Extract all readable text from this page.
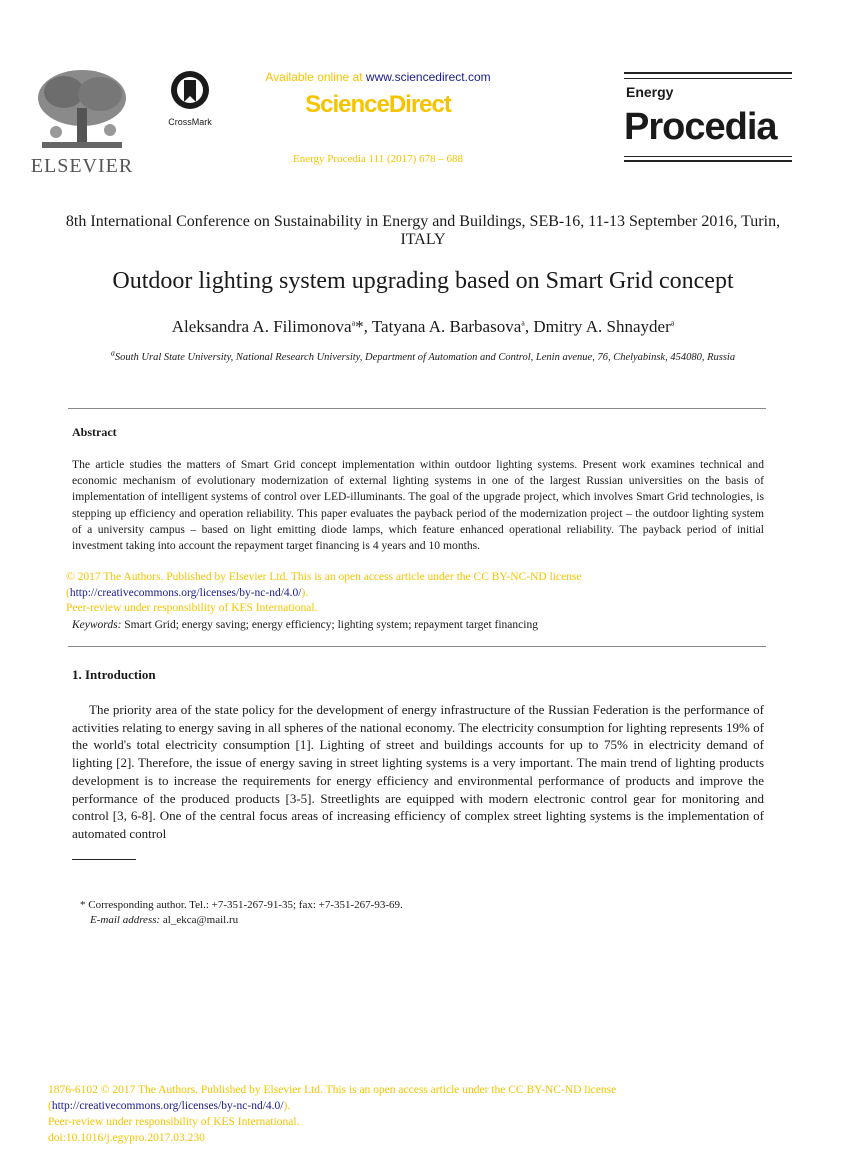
ELSEVIER
CrossMark
Available online at www.sciencedirect.com
ScienceDirect
Energy Procedia 111 (2017) 678 – 688
Energy
Procedia
8th International Conference on Sustainability in Energy and Buildings, SEB-16, 11-13 September 2016, Turin, ITALY
Outdoor lighting system upgrading based on Smart Grid concept
Aleksandra A. Filimonova$^a$*, Tatyana A. Barbasova$^a$, Dmitry A. Shnayder$^a$
$^a$South Ural State University, National Research University, Department of Automation and Control, Lenin avenue, 76, Chelyabinsk, 454080, Russia
Abstract
The article studies the matters of Smart Grid concept implementation within outdoor lighting systems. Present work examines technical and economic mechanism of evolutionary modernization of external lighting systems in one of the largest Russian universities on the basis of implementation of intelligent systems of control over LED-illuminants. The goal of the upgrade project, which involves Smart Grid technologies, is stepping up efficiency and operation reliability. This paper evaluates the payback period of the modernization project – the outdoor lighting system of a university campus – based on light emitting diode lamps, which feature enhanced operational reliability. The payback period of initial investment taking into account the repayment target financing is 4 years and 10 months.
© 2017 The Authors. Published by Elsevier Ltd. This is an open access article under the CC BY-NC-ND license
(http://creativecommons.org/licenses/by-nc-nd/4.0/).
Peer-review under responsibility of KES International.
Keywords: Smart Grid; energy saving; energy efficiency; lighting system; repayment target financing
1. Introduction
The priority area of the state policy for the development of energy infrastructure of the Russian Federation is the performance of activities relating to energy saving in all spheres of the national economy. The electricity consumption for lighting represents 19% of the world's total electricity consumption [1]. Lighting of street and buildings accounts for up to 75% in electricity demand of lighting [2]. Therefore, the issue of energy saving in street lighting systems is a very important. The main trend of lighting products development is to increase the requirements for energy efficiency and environmental performance of products and improve the performance of the produced products [3-5]. Streetlights are equipped with modern electronic control gear for monitoring and control [3, 6-8]. One of the central focus areas of increasing efficiency of complex street lighting systems is the implementation of automated control
* Corresponding author. Tel.: +7-351-267-91-35; fax: +7-351-267-93-69.
E-mail address: al_ekca@mail.ru
1876-6102 © 2017 The Authors. Published by Elsevier Ltd. This is an open access article under the CC BY-NC-ND license
(http://creativecommons.org/licenses/by-nc-nd/4.0/).
Peer-review under responsibility of KES International.
doi:10.1016/j.egypro.2017.03.230
